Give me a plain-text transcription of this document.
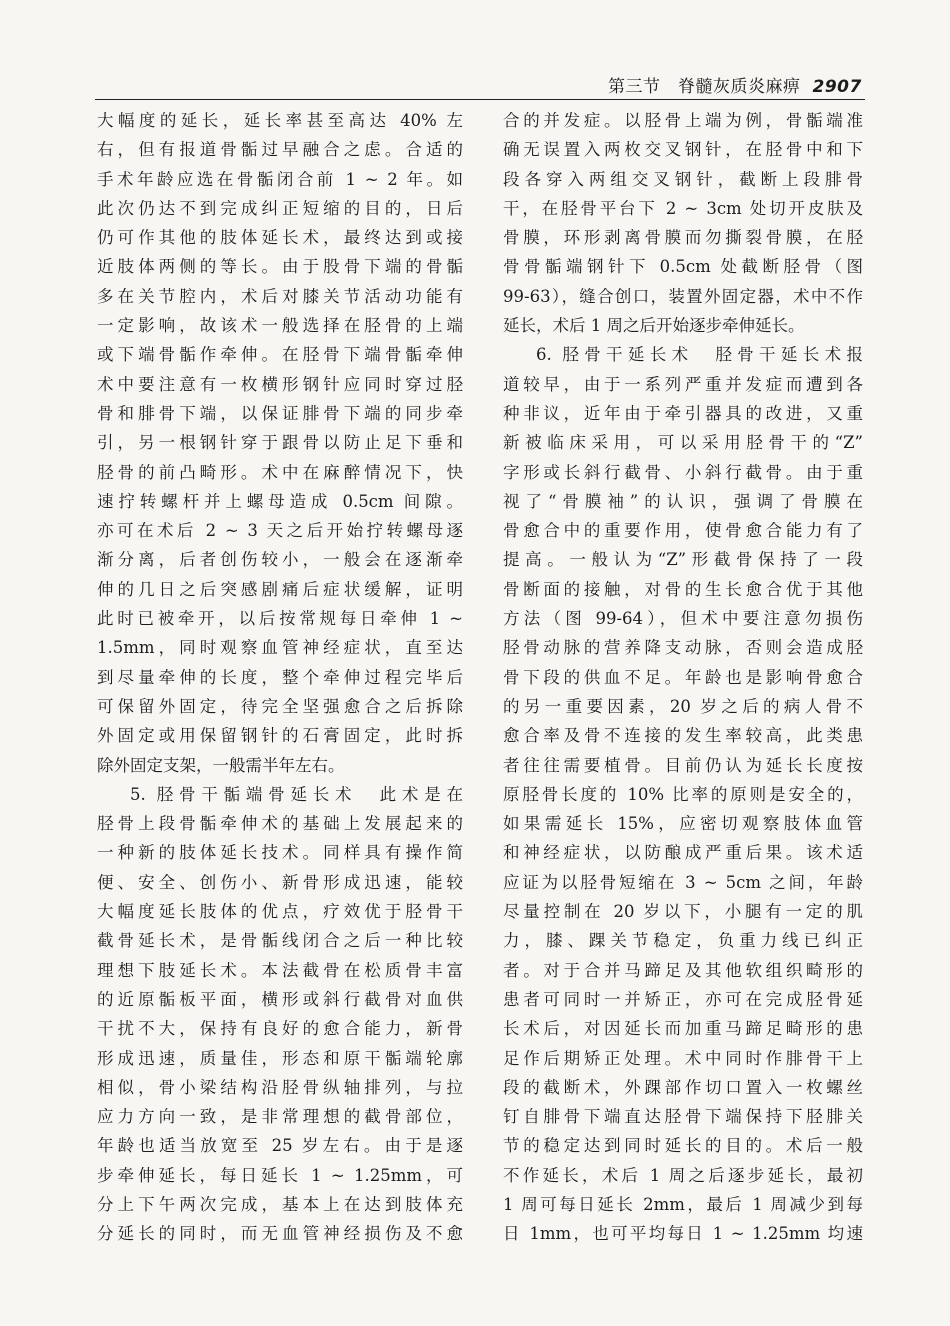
第三节　脊髓灰质炎麻痹 2907
大幅度的延长，延长率甚至高达 40% 左
右，但有报道骨骺过早融合之虑。合适的
手术年龄应选在骨骺闭合前 1 ~ 2 年。如
此次仍达不到完成纠正短缩的目的，日后
仍可作其他的肢体延长术，最终达到或接
近肢体两侧的等长。由于股骨下端的骨骺
多在关节腔内，术后对膝关节活动功能有
一定影响，故该术一般选择在胫骨的上端
或下端骨骺作牵伸。在胫骨下端骨骺牵伸
术中要注意有一枚横形钢针应同时穿过胫
骨和腓骨下端，以保证腓骨下端的同步牵
引，另一根钢针穿于跟骨以防止足下垂和
胫骨的前凸畸形。术中在麻醉情况下，快
速拧转螺杆并上螺母造成 0.5cm 间隙。
亦可在术后 2 ~ 3 天之后开始拧转螺母逐
渐分离，后者创伤较小，一般会在逐渐牵
伸的几日之后突感剧痛后症状缓解，证明
此时已被牵开，以后按常规每日牵伸 1 ~
1.5mm，同时观察血管神经症状，直至达
到尽量牵伸的长度，整个牵伸过程完毕后
可保留外固定，待完全坚强愈合之后拆除
外固定或用保留钢针的石膏固定，此时拆
除外固定支架，一般需半年左右。
5. 胫骨干骺端骨延长术　此术是在
胫骨上段骨骺牵伸术的基础上发展起来的
一种新的肢体延长技术。同样具有操作简
便、安全、创伤小、新骨形成迅速，能较
大幅度延长肢体的优点，疗效优于胫骨干
截骨延长术，是骨骺线闭合之后一种比较
理想下肢延长术。本法截骨在松质骨丰富
的近原骺板平面，横形或斜行截骨对血供
干扰不大，保持有良好的愈合能力，新骨
形成迅速，质量佳，形态和原干骺端轮廓
相似，骨小梁结构沿胫骨纵轴排列，与拉
应力方向一致，是非常理想的截骨部位，
年龄也适当放宽至 25 岁左右。由于是逐
步牵伸延长，每日延长 1 ~ 1.25mm，可
分上下午两次完成，基本上在达到肢体充
分延长的同时，而无血管神经损伤及不愈
合的并发症。以胫骨上端为例，骨骺端准
确无误置入两枚交叉钢针，在胫骨中和下
段各穿入两组交叉钢针，截断上段腓骨
干，在胫骨平台下 2 ~ 3cm 处切开皮肤及
骨膜，环形剥离骨膜而勿撕裂骨膜，在胫
骨骨骺端钢针下 0.5cm 处截断胫骨（图
99-63），缝合创口，装置外固定器，术中不作
延长，术后 1 周之后开始逐步牵伸延长。
6. 胫骨干延长术　胫骨干延长术报
道较早，由于一系列严重并发症而遭到各
种非议，近年由于牵引器具的改进，又重
新被临床采用，可以采用胫骨干的“Z”
字形或长斜行截骨、小斜行截骨。由于重
视了“骨膜袖”的认识，强调了骨膜在
骨愈合中的重要作用，使骨愈合能力有了
提高。一般认为“Z”形截骨保持了一段
骨断面的接触，对骨的生长愈合优于其他
方法（图 99-64），但术中要注意勿损伤
胫骨动脉的营养降支动脉，否则会造成胫
骨下段的供血不足。年龄也是影响骨愈合
的另一重要因素，20 岁之后的病人骨不
愈合率及骨不连接的发生率较高，此类患
者往往需要植骨。目前仍认为延长长度按
原胫骨长度的 10% 比率的原则是安全的，
如果需延长 15%，应密切观察肢体血管
和神经症状，以防酿成严重后果。该术适
应证为以胫骨短缩在 3 ~ 5cm 之间，年龄
尽量控制在 20 岁以下，小腿有一定的肌
力，膝、踝关节稳定，负重力线已纠正
者。对于合并马蹄足及其他软组织畸形的
患者可同时一并矫正，亦可在完成胫骨延
长术后，对因延长而加重马蹄足畸形的患
足作后期矫正处理。术中同时作腓骨干上
段的截断术，外踝部作切口置入一枚螺丝
钉自腓骨下端直达胫骨下端保持下胫腓关
节的稳定达到同时延长的目的。术后一般
不作延长，术后 1 周之后逐步延长，最初
1 周可每日延长 2mm，最后 1 周减少到每
日 1mm，也可平均每日 1 ~ 1.25mm 均速
